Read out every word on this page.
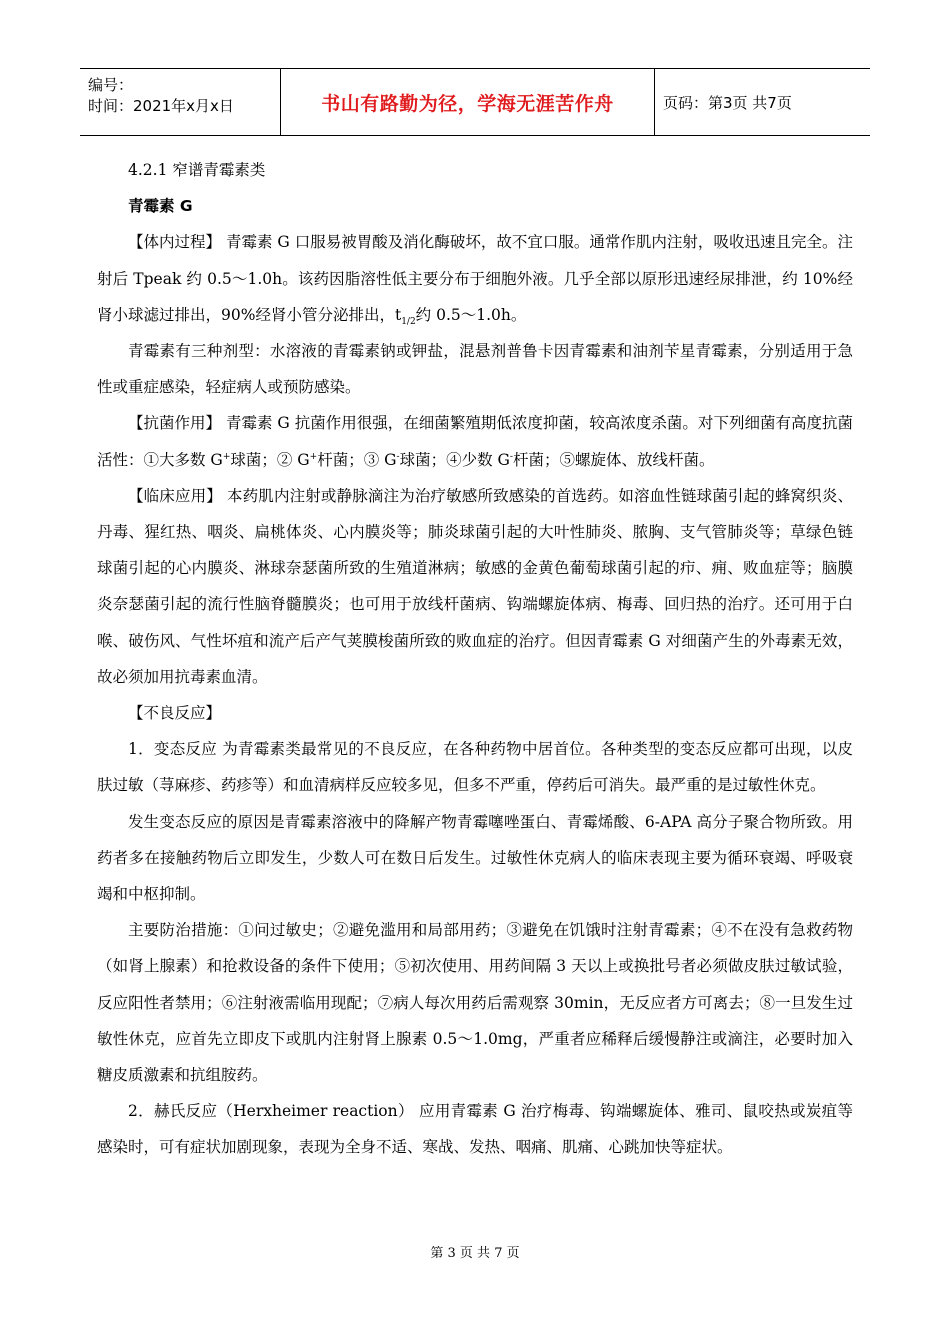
编号：
时间：2021年x月x日	书山有路勤为径，学海无涯苦作舟	页码：第3页 共7页

4.2.1 窄谱青霉素类

青霉素 G

【体内过程】 青霉素 G 口服易被胃酸及消化酶破坏，故不宜口服。通常作肌内注射，吸收迅速且完全。注射后 Tpeak 约 0.5～1.0h。该药因脂溶性低主要分布于细胞外液。几乎全部以原形迅速经尿排泄，约 10%经肾小球滤过排出，90%经肾小管分泌排出，$t_{1/2}$约 0.5～1.0h。

青霉素有三种剂型：水溶液的青霉素钠或钾盐，混悬剂普鲁卡因青霉素和油剂苄星青霉素，分别适用于急性或重症感染，轻症病人或预防感染。

【抗菌作用】 青霉素 G 抗菌作用很强，在细菌繁殖期低浓度抑菌，较高浓度杀菌。对下列细菌有高度抗菌活性：①大多数 G+球菌；② G+杆菌；③ G-球菌；④少数 G-杆菌；⑤螺旋体、放线杆菌。

【临床应用】 本药肌内注射或静脉滴注为治疗敏感所致感染的首选药。如溶血性链球菌引起的蜂窝织炎、丹毒、猩红热、咽炎、扁桃体炎、心内膜炎等；肺炎球菌引起的大叶性肺炎、脓胸、支气管肺炎等；草绿色链球菌引起的心内膜炎、淋球奈瑟菌所致的生殖道淋病；敏感的金黄色葡萄球菌引起的疖、痈、败血症等；脑膜炎奈瑟菌引起的流行性脑脊髓膜炎；也可用于放线杆菌病、钩端螺旋体病、梅毒、回归热的治疗。还可用于白喉、破伤风、气性坏疽和流产后产气荚膜梭菌所致的败血症的治疗。但因青霉素 G 对细菌产生的外毒素无效，故必须加用抗毒素血清。

【不良反应】

1．变态反应 为青霉素类最常见的不良反应，在各种药物中居首位。各种类型的变态反应都可出现，以皮肤过敏（荨麻疹、药疹等）和血清病样反应较多见，但多不严重，停药后可消失。最严重的是过敏性休克。

发生变态反应的原因是青霉素溶液中的降解产物青霉噻唑蛋白、青霉烯酸、6-APA 高分子聚合物所致。用药者多在接触药物后立即发生，少数人可在数日后发生。过敏性休克病人的临床表现主要为循环衰竭、呼吸衰竭和中枢抑制。

主要防治措施：①问过敏史；②避免滥用和局部用药；③避免在饥饿时注射青霉素；④不在没有急救药物（如肾上腺素）和抢救设备的条件下使用；⑤初次使用、用药间隔 3 天以上或换批号者必须做皮肤过敏试验，反应阳性者禁用；⑥注射液需临用现配；⑦病人每次用药后需观察 30min，无反应者方可离去；⑧一旦发生过敏性休克，应首先立即皮下或肌内注射肾上腺素 0.5～1.0mg，严重者应稀释后缓慢静注或滴注，必要时加入糖皮质激素和抗组胺药。

2．赫氏反应（Herxheimer reaction） 应用青霉素 G 治疗梅毒、钩端螺旋体、雅司、鼠咬热或炭疽等感染时，可有症状加剧现象，表现为全身不适、寒战、发热、咽痛、肌痛、心跳加快等症状。

第 3 页 共 7 页
